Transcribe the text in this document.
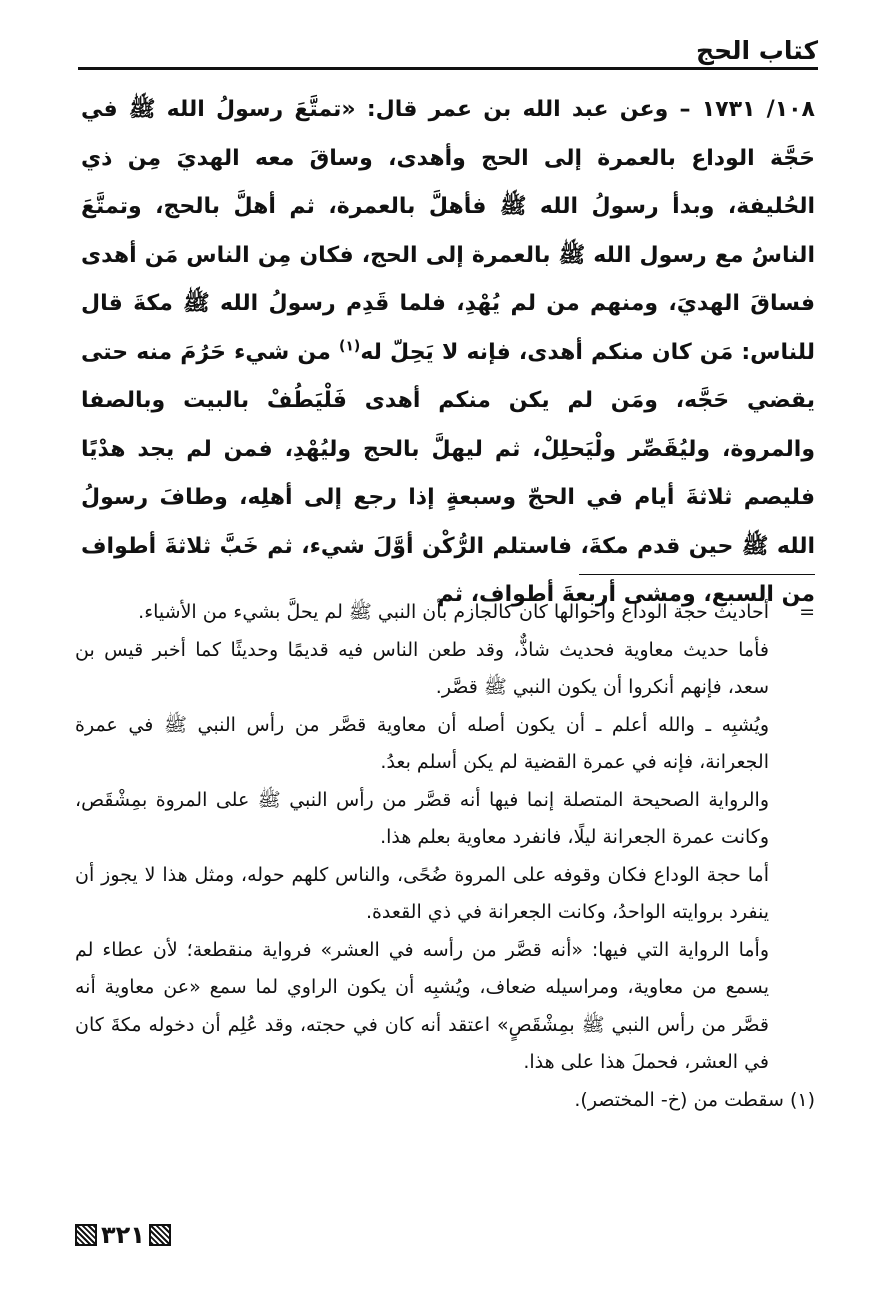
كتاب الحج

١٠٨/ ١٧٣١ – وعن عبد الله بن عمر قال: «تمتَّعَ رسولُ الله ﷺ في حَجَّة الوداع بالعمرة إلى الحج وأهدى، وساقَ معه الهديَ مِن ذي الحُليفة، وبدأ رسولُ الله ﷺ فأهلَّ بالعمرة، ثم أهلَّ بالحج، وتمتَّعَ الناسُ مع رسول الله ﷺ بالعمرة إلى الحج، فكان مِن الناس مَن أهدى فساقَ الهديَ، ومنهم من لم يُهْدِ، فلما قَدِم رسولُ الله ﷺ مكةَ قال للناس: مَن كان منكم أهدى، فإنه لا يَحِلّ له$^{(١)}$ من شيء حَرُمَ منه حتى يقضي حَجَّه، ومَن لم يكن منكم أهدى فَلْيَطُفْ بالبيت وبالصفا والمروة، وليُقَصِّر ولْيَحلِلْ، ثم ليهلَّ بالحج وليُهْدِ، فمن لم يجد هدْيًا فليصم ثلاثةَ أيام في الحجّ وسبعةٍ إذا رجع إلى أهلِه، وطافَ رسولُ الله ﷺ حين قدم مكةَ، فاستلم الرُّكْن أوَّلَ شيء، ثم خَبَّ ثلاثةَ أطواف من السبع، ومشى أربعةَ أطواف، ثم

=
أحاديث حجة الوداع وأحوالها كان كالجازم بأن النبي ﷺ لم يحلَّ بشيء من الأشياء.

فأما حديث معاوية فحديث شاذٌّ، وقد طعن الناس فيه قديمًا وحديثًا كما أخبر قيس بن سعد، فإنهم أنكروا أن يكون النبي ﷺ قصَّر.

ويُشبِه ـ والله أعلم ـ أن يكون أصله أن معاوية قصَّر من رأس النبي ﷺ في عمرة الجعرانة، فإنه في عمرة القضية لم يكن أسلم بعدُ.

والرواية الصحيحة المتصلة إنما فيها أنه قصَّر من رأس النبي ﷺ على المروة بمِشْقَص، وكانت عمرة الجعرانة ليلًا، فانفرد معاوية بعلم هذا.

أما حجة الوداع فكان وقوفه على المروة ضُحًى، والناس كلهم حوله، ومثل هذا لا يجوز أن ينفرد بروايته الواحدُ، وكانت الجعرانة في ذي القعدة.

وأما الرواية التي فيها: «أنه قصَّر من رأسه في العشر» فرواية منقطعة؛ لأن عطاء لم يسمع من معاوية، ومراسيله ضعاف، ويُشبِه أن يكون الراوي لما سمع «عن معاوية أنه قصَّر من رأس النبي ﷺ بمِشْقَصٍ» اعتقد أنه كان في حجته، وقد عُلِم أن دخوله مكةَ كان في العشر، فحملَ هذا على هذا.

(١) سقطت من (خ- المختصر).

٣٢١
